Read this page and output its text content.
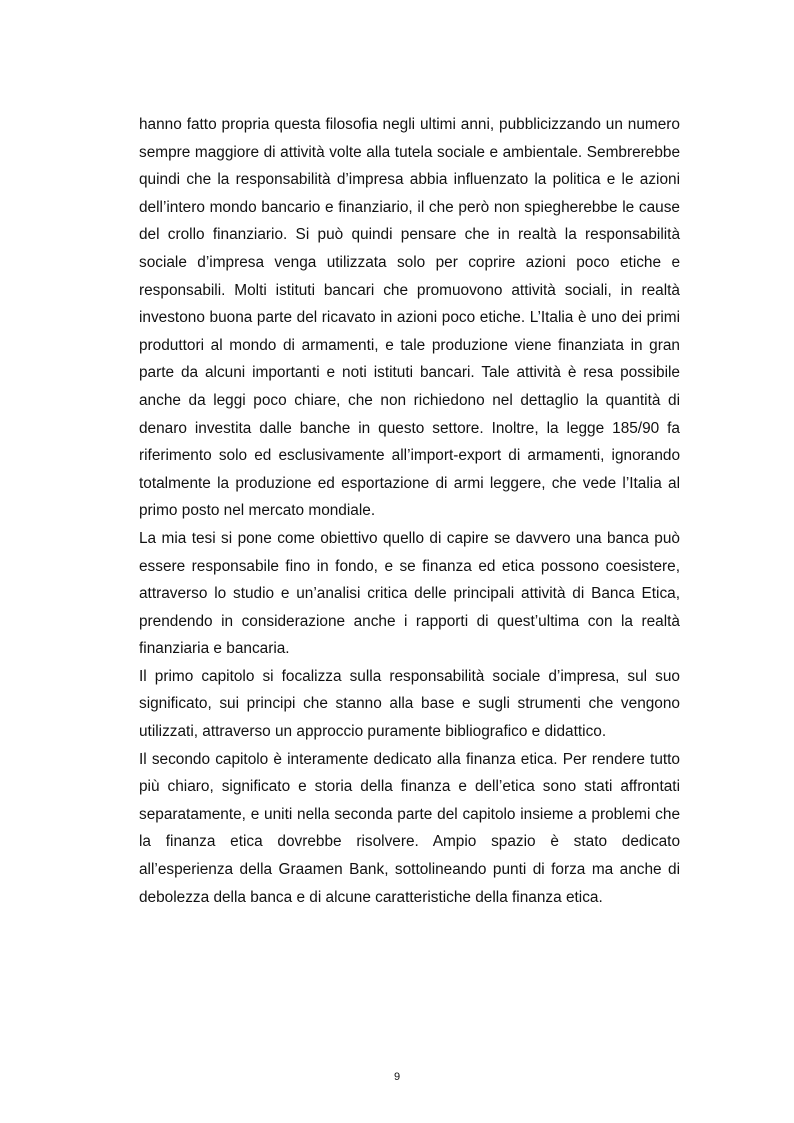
hanno fatto propria questa filosofia negli ultimi anni, pubblicizzando un numero sempre maggiore di attività volte alla tutela sociale e ambientale. Sembrerebbe quindi che la responsabilità d’impresa abbia influenzato la politica e le azioni dell’intero mondo bancario e finanziario, il che però non spiegherebbe le cause del crollo finanziario. Si può quindi pensare che in realtà la responsabilità sociale d’impresa venga utilizzata solo per coprire azioni poco etiche e responsabili. Molti istituti bancari che promuovono attività sociali, in realtà investono buona parte del ricavato in azioni poco etiche. L’Italia è uno dei primi produttori al mondo di armamenti, e tale produzione viene finanziata in gran parte da alcuni importanti e noti istituti bancari. Tale attività è resa possibile anche da leggi poco chiare, che non richiedono nel dettaglio la quantità di denaro investita dalle banche in questo settore. Inoltre, la legge 185/90 fa riferimento solo ed esclusivamente all’import-export di armamenti, ignorando totalmente la produzione ed esportazione di armi leggere, che vede l’Italia al primo posto nel mercato mondiale.

La mia tesi si pone come obiettivo quello di capire se davvero una banca può essere responsabile fino in fondo, e se finanza ed etica possono coesistere, attraverso lo studio e un’analisi critica delle principali attività di Banca Etica, prendendo in considerazione anche i rapporti di quest’ultima con la realtà finanziaria e bancaria.

Il primo capitolo si focalizza sulla responsabilità sociale d’impresa, sul suo significato, sui principi che stanno alla base e sugli strumenti che vengono utilizzati, attraverso un approccio puramente bibliografico e didattico.

Il secondo capitolo è interamente dedicato alla finanza etica. Per rendere tutto più chiaro, significato e storia della finanza e dell’etica sono stati affrontati separatamente, e uniti nella seconda parte del capitolo insieme a problemi che la finanza etica dovrebbe risolvere. Ampio spazio è stato dedicato all’esperienza della Graamen Bank, sottolineando punti di forza ma anche di debolezza della banca e di alcune caratteristiche della finanza etica.

9
